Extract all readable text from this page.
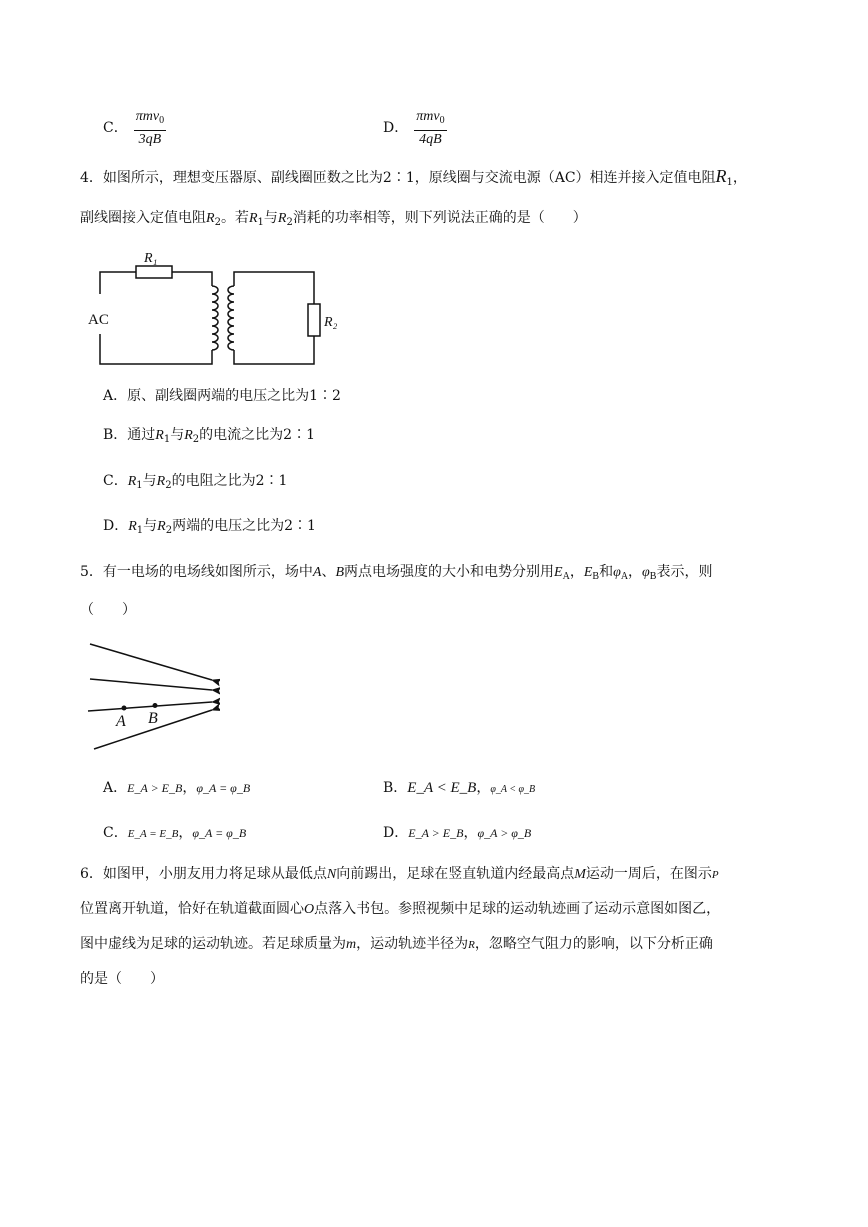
C． $\frac{\pi mv_0}{3qB}$	D． $\frac{\pi mv_0}{4qB}$
4．如图所示，理想变压器原、副线圈匝数之比为2∶1，原线圈与交流电源（AC）相连并接入定值电阻$R_1$，
副线圈接入定值电阻$R_2$。若$R_1$与$R_2$消耗的功率相等，则下列说法正确的是（　　）
R₁
AC	R₂
A．原、副线圈两端的电压之比为1∶2
B．通过$R_1$与$R_2$的电流之比为2∶1
C．$R_1$与$R_2$的电阻之比为2∶1
D．$R_1$与$R_2$两端的电压之比为2∶1
5．有一电场的电场线如图所示，场中A、B两点电场强度的大小和电势分别用$E_A$，$E_B$和$\varphi_A$，$\varphi_B$表示，则
（　　）
A B
A．E_A > E_B，φ_A = φ_B	B．E_A < E_B，φ_A < φ_B
C．E_A = E_B，φ_A = φ_B	D．E_A > E_B，φ_A > φ_B
6．如图甲，小朋友用力将足球从最低点N向前踢出，足球在竖直轨道内经最高点M运动一周后，在图示P
位置离开轨道，恰好在轨道截面圆心O点落入书包。参照视频中足球的运动轨迹画了运动示意图如图乙，
图中虚线为足球的运动轨迹。若足球质量为m，运动轨迹半径为R，忽略空气阻力的影响，以下分析正确
的是（　　）
